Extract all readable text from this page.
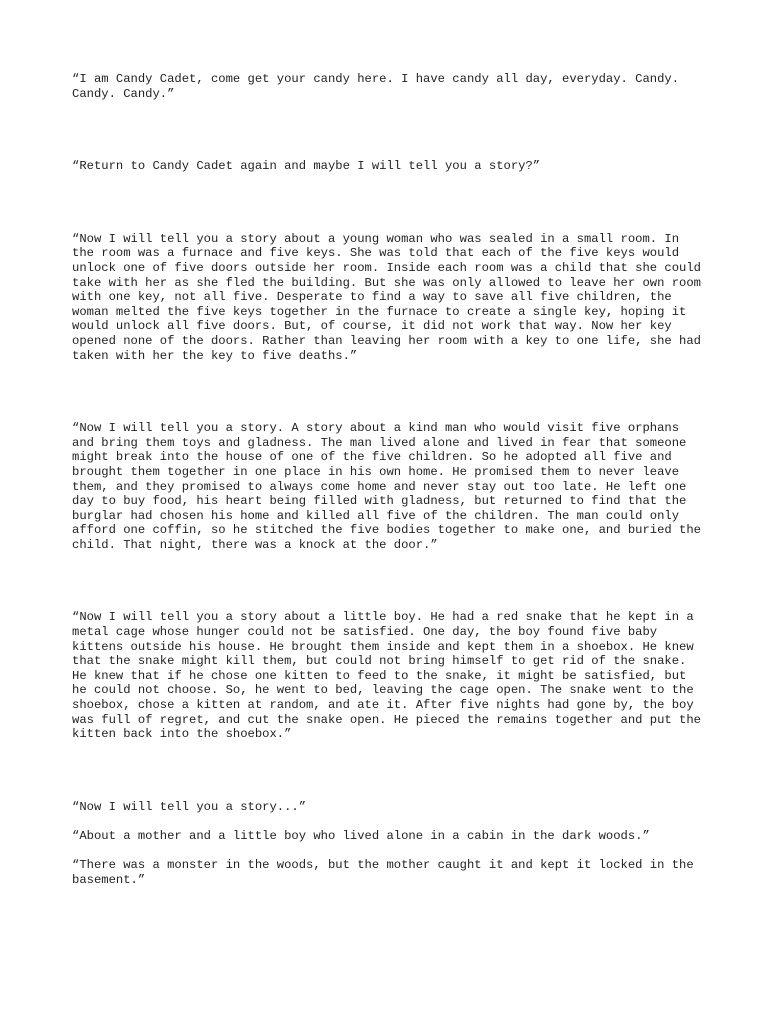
“I am Candy Cadet, come get your candy here. I have candy all day, everyday. Candy. Candy. Candy.”

“Return to Candy Cadet again and maybe I will tell you a story?”

“Now I will tell you a story about a young woman who was sealed in a small room. In the room was a furnace and five keys. She was told that each of the five keys would unlock one of five doors outside her room. Inside each room was a child that she could take with her as she fled the building. But she was only allowed to leave her own room with one key, not all five. Desperate to find a way to save all five children, the woman melted the five keys together in the furnace to create a single key, hoping it would unlock all five doors. But, of course, it did not work that way. Now her key opened none of the doors. Rather than leaving her room with a key to one life, she had taken with her the key to five deaths.”

“Now I will tell you a story. A story about a kind man who would visit five orphans and bring them toys and gladness. The man lived alone and lived in fear that someone might break into the house of one of the five children. So he adopted all five and brought them together in one place in his own home. He promised them to never leave them, and they promised to always come home and never stay out too late. He left one day to buy food, his heart being filled with gladness, but returned to find that the burglar had chosen his home and killed all five of the children. The man could only afford one coffin, so he stitched the five bodies together to make one, and buried the child. That night, there was a knock at the door.”

“Now I will tell you a story about a little boy. He had a red snake that he kept in a metal cage whose hunger could not be satisfied. One day, the boy found five baby kittens outside his house. He brought them inside and kept them in a shoebox. He knew that the snake might kill them, but could not bring himself to get rid of the snake. He knew that if he chose one kitten to feed to the snake, it might be satisfied, but he could not choose. So, he went to bed, leaving the cage open. The snake went to the shoebox, chose a kitten at random, and ate it. After five nights had gone by, the boy was full of regret, and cut the snake open. He pieced the remains together and put the kitten back into the shoebox.”

“Now I will tell you a story...”

“About a mother and a little boy who lived alone in a cabin in the dark woods.”

“There was a monster in the woods, but the mother caught it and kept it locked in the basement.”
